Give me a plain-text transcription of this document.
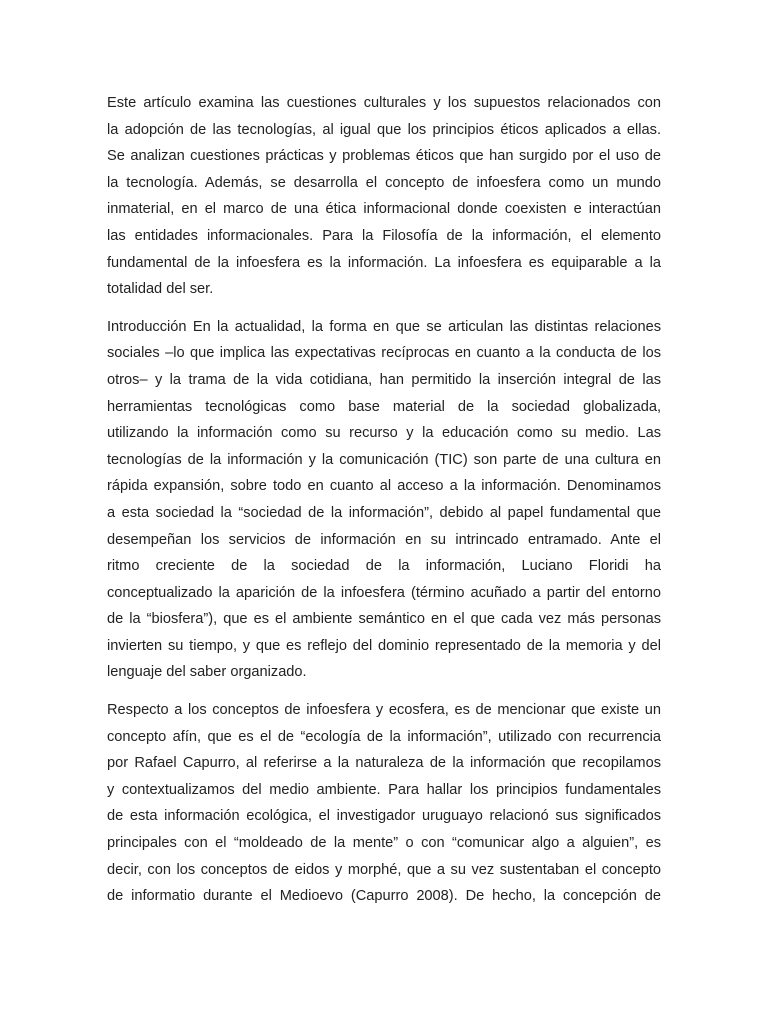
Este artículo examina las cuestiones culturales y los supuestos relacionados con
la adopción de las tecnologías, al igual que los principios éticos aplicados a ellas.
Se analizan cuestiones prácticas y problemas éticos que han surgido por el uso de
la tecnología. Además, se desarrolla el concepto de infoesfera como un mundo
inmaterial, en el marco de una ética informacional donde coexisten e interactúan
las entidades informacionales. Para la Filosofía de la información, el elemento
fundamental de la infoesfera es la información. La infoesfera es equiparable a la
totalidad del ser.
Introducción En la actualidad, la forma en que se articulan las distintas relaciones
sociales –lo que implica las expectativas recíprocas en cuanto a la conducta de los
otros– y la trama de la vida cotidiana, han permitido la inserción integral de las
herramientas tecnológicas como base material de la sociedad globalizada,
utilizando la información como su recurso y la educación como su medio. Las
tecnologías de la información y la comunicación (TIC) son parte de una cultura en
rápida expansión, sobre todo en cuanto al acceso a la información. Denominamos
a esta sociedad la “sociedad de la información”, debido al papel fundamental que
desempeñan los servicios de información en su intrincado entramado. Ante el
ritmo creciente de la sociedad de la información, Luciano Floridi ha
conceptualizado la aparición de la infoesfera (término acuñado a partir del entorno
de la “biosfera”), que es el ambiente semántico en el que cada vez más personas
invierten su tiempo, y que es reflejo del dominio representado de la memoria y del
lenguaje del saber organizado.
Respecto a los conceptos de infoesfera y ecosfera, es de mencionar que existe un
concepto afín, que es el de “ecología de la información”, utilizado con recurrencia
por Rafael Capurro, al referirse a la naturaleza de la información que recopilamos
y contextualizamos del medio ambiente. Para hallar los principios fundamentales
de esta información ecológica, el investigador uruguayo relacionó sus significados
principales con el “moldeado de la mente” o con “comunicar algo a alguien”, es
decir, con los conceptos de eidos y morphé, que a su vez sustentaban el concepto
de informatio durante el Medioevo (Capurro 2008). De hecho, la concepción de
